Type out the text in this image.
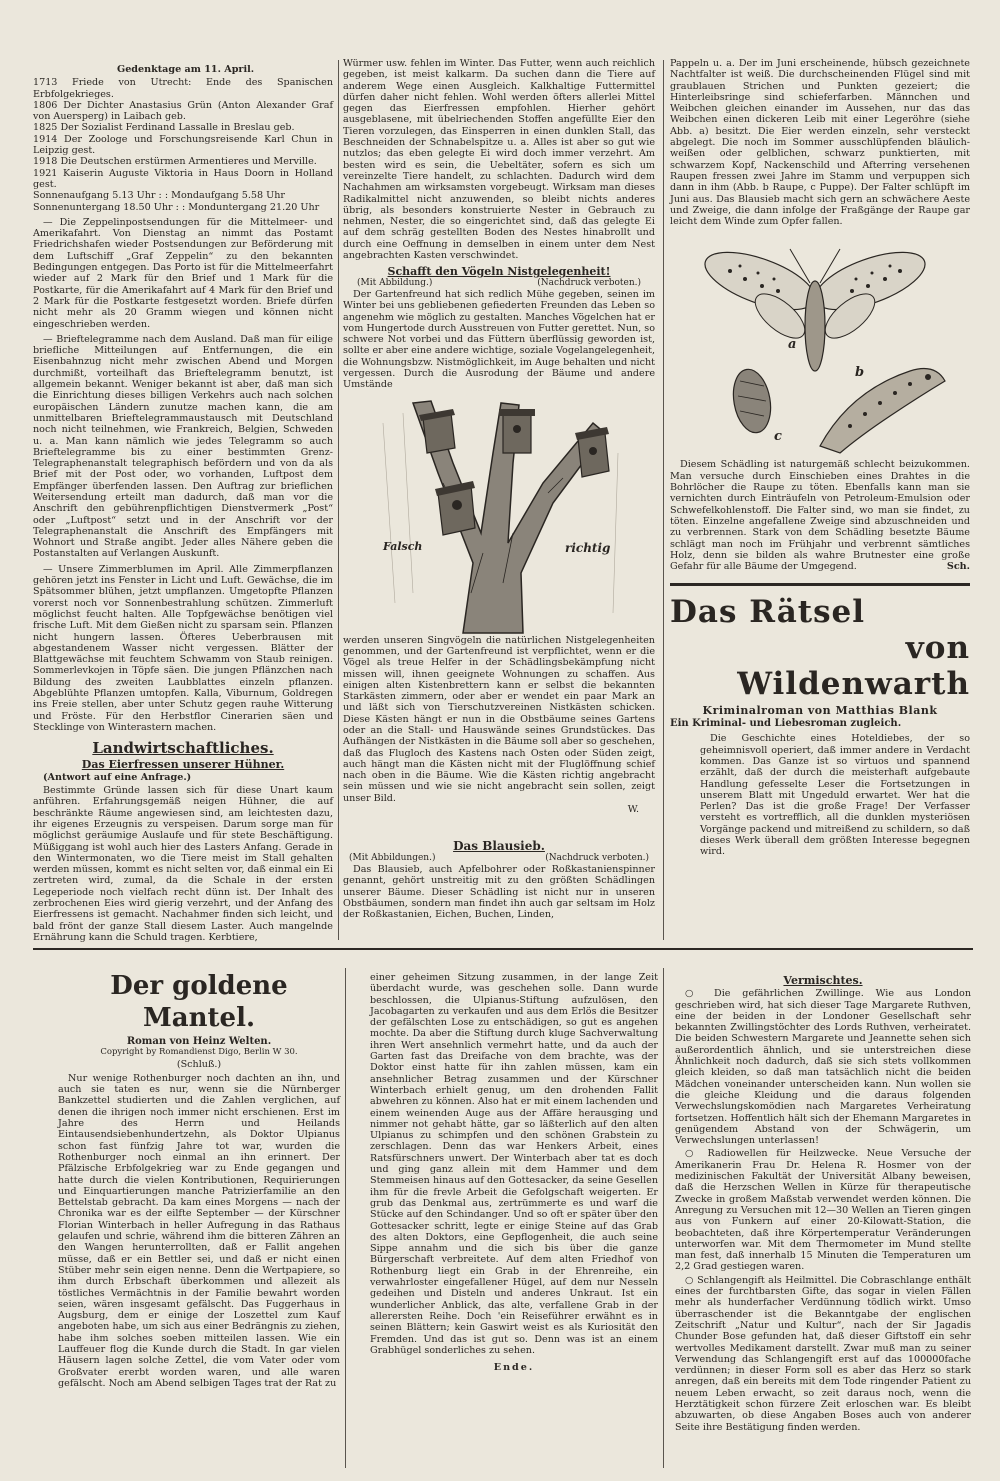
Gedenktage am 11. April.

1713 Friede von Utrecht: Ende des Spanischen Erbfolgekrieges.

1806 Der Dichter Anastasius Grün (Anton Alexander Graf von Auersperg) in Laibach geb.

1825 Der Sozialist Ferdinand Lassalle in Breslau geb.

1914 Der Zoologe und Forschungsreisende Karl Chun in Leipzig gest.

1918 Die Deutschen erstürmen Armentieres und Merville.

1921 Kaiserin Auguste Viktoria in Haus Doorn in Holland gest.

Sonnenaufgang 5.13 Uhr : : Mondaufgang 5.58 Uhr

Sonnenuntergang 18.50 Uhr : : Monduntergang 21.20 Uhr

— Die Zeppelinpostsendungen für die Mittelmeer- und Amerikafahrt. Von Dienstag an nimmt das Postamt Friedrichshafen wieder Postsendungen zur Beförderung mit dem Luftschiff „Graf Zeppelin“ zu den bekannten Bedingungen entgegen. Das Porto ist für die Mittelmeerfahrt wieder auf 2 Mark für den Brief und 1 Mark für die Postkarte, für die Amerikafahrt auf 4 Mark für den Brief und 2 Mark für die Postkarte festgesetzt worden. Briefe dürfen nicht mehr als 20 Gramm wiegen und können nicht eingeschrieben werden.

— Brieftelegramme nach dem Ausland. Daß man für eilige briefliche Mitteilungen auf Entfernungen, die ein Eisenbahnzug nicht mehr zwischen Abend und Morgen durchmißt, vorteilhaft das Brieftelegramm benutzt, ist allgemein bekannt. Weniger bekannt ist aber, daß man sich die Einrichtung dieses billigen Verkehrs auch nach solchen europäischen Ländern zunutze machen kann, die am unmittelbaren Brieftelegrammaustausch mit Deutschland noch nicht teilnehmen, wie Frankreich, Belgien, Schweden u. a. Man kann nämlich wie jedes Telegramm so auch Brieftelegramme bis zu einer bestimmten Grenz-Telegraphenanstalt telegraphisch befördern und von da als Brief mit der Post oder, wo vorhanden, Luftpost dem Empfänger überfenden lassen. Den Auftrag zur brieflichen Weitersendung erteilt man dadurch, daß man vor die Anschrift den gebührenpflichtigen Dienstvermerk „Post“ oder „Luftpost“ setzt und in der Anschrift vor der Telegraphenanstalt die Anschrift des Empfängers mit Wohnort und Straße angibt. Jeder alles Nähere geben die Postanstalten auf Verlangen Auskunft.

— Unsere Zimmerblumen im April. Alle Zimmerpflanzen gehören jetzt ins Fenster in Licht und Luft. Gewächse, die im Spätsommer blühen, jetzt umpflanzen. Umgetopfte Pflanzen vorerst noch vor Sonnenbestrahlung schützen. Zimmerluft möglichst feucht halten. Alle Topfgewächse benötigen viel frische Luft. Mit dem Gießen nicht zu sparsam sein. Pflanzen nicht hungern lassen. Öfteres Ueberbrausen mit abgestandenem Wasser nicht vergessen. Blätter der Blattgewächse mit feuchtem Schwamm von Staub reinigen. Sommerlevkojen in Töpfe säen. Die jungen Pflänzchen nach Bildung des zweiten Laubblattes einzeln pflanzen. Abgeblühte Pflanzen umtopfen. Kalla, Viburnum, Goldregen ins Freie stellen, aber unter Schutz gegen rauhe Witterung und Fröste. Für den Herbstflor Cinerarien säen und Stecklinge von Winterastern machen.

Landwirtschaftliches.
Das Eierfressen unserer Hühner.
(Antwort auf eine Anfrage.)

Bestimmte Gründe lassen sich für diese Unart kaum anführen. Erfahrungsgemäß neigen Hühner, die auf beschränkte Räume angewiesen sind, am leichtesten dazu, ihr eigenes Erzeugnis zu verspeisen. Darum sorge man für möglichst geräumige Auslaufe und für stete Beschäftigung. Müßiggang ist wohl auch hier des Lasters Anfang. Gerade in den Wintermonaten, wo die Tiere meist im Stall gehalten werden müssen, kommt es nicht selten vor, daß einmal ein Ei zertreten wird, zumal, da die Schale in der ersten Legeperiode noch vielfach recht dünn ist. Der Inhalt des zerbrochenen Eies wird gierig verzehrt, und der Anfang des Eierfressens ist gemacht. Nachahmer finden sich leicht, und bald frönt der ganze Stall diesem Laster. Auch mangelnde Ernährung kann die Schuld tragen. Kerbtiere,

Würmer usw. fehlen im Winter. Das Futter, wenn auch reichlich gegeben, ist meist kalkarm. Da suchen dann die Tiere auf anderem Wege einen Ausgleich. Kalkhaltige Futtermittel dürfen daher nicht fehlen. Wohl werden öfters allerlei Mittel gegen das Eierfressen empfohlen. Hierher gehört ausgeblasene, mit übelriechenden Stoffen angefüllte Eier den Tieren vorzulegen, das Einsperren in einen dunklen Stall, das Beschneiden der Schnabelspitze u. a. Alles ist aber so gut wie nutzlos; das eben gelegte Ei wird doch immer verzehrt. Am besten wird es sein, die Uebeltäter, sofern es sich um vereinzelte Tiere handelt, zu schlachten. Dadurch wird dem Nachahmen am wirksamsten vorgebeugt. Wirksam man dieses Radikalmittel nicht anzuwenden, so bleibt nichts anderes übrig, als besonders konstruierte Nester in Gebrauch zu nehmen, Nester, die so eingerichtet sind, daß das gelegte Ei auf dem schräg gestellten Boden des Nestes hinabrollt und durch eine Oeffnung in demselben in einem unter dem Nest angebrachten Kasten verschwindet.

Schafft den Vögeln Nistgelegenheit!
(Mit Abbildung.)	(Nachdruck verboten.)

Der Gartenfreund hat sich redlich Mühe gegeben, seinen im Winter bei uns gebliebenen gefiederten Freunden das Leben so angenehm wie möglich zu gestalten. Manches Vögelchen hat er vom Hungertode durch Ausstreuen von Futter gerettet. Nun, so schwere Not vorbei und das Füttern überflüssig geworden ist, sollte er aber eine andere wichtige, soziale Vogelangelegenheit, die Wohnungsbzw. Nistmöglichkeit, im Auge behalten und nicht vergessen. Durch die Ausrodung der Bäume und andere Umstände

Falsch	richtig

werden unseren Singvögeln die natürlichen Nistgelegenheiten genommen, und der Gartenfreund ist verpflichtet, wenn er die Vögel als treue Helfer in der Schädlingsbekämpfung nicht missen will, ihnen geeignete Wohnungen zu schaffen. Aus einigen alten Kistenbrettern kann er selbst die bekannten Starkästen zimmern, oder aber er wendet ein paar Mark an und läßt sich von Tierschutzvereinen Nistkästen schicken. Diese Kästen hängt er nun in die Obstbäume seines Gartens oder an die Stall- und Hauswände seines Grundstückes. Das Aufhängen der Nistkästen in die Bäume soll aber so geschehen, daß das Flugloch des Kastens nach Osten oder Süden zeigt, auch hängt man die Kästen nicht mit der Fluglöffnung schief nach oben in die Bäume. Wie die Kästen richtig angebracht sein müssen und wie sie nicht angebracht sein sollen, zeigt unser Bild.

W.
Das Blausieb.
(Mit Abbildungen.)	(Nachdruck verboten.)

Das Blausieb, auch Apfelbohrer oder Roßkastanienspinner genannt, gehört unstreitig mit zu den größten Schädlingen unserer Bäume. Dieser Schädling ist nicht nur in unseren Obstbäumen, sondern man findet ihn auch gar seltsam im Holz der Roßkastanien, Eichen, Buchen, Linden,

Pappeln u. a. Der im Juni erscheinende, hübsch gezeichnete Nachtfalter ist weiß. Die durchscheinenden Flügel sind mit graublauen Strichen und Punkten gezeiert; die Hinterleibsringe sind schieferfarben. Männchen und Weibchen gleichen einander im Aussehen, nur das das Weibchen einen dickeren Leib mit einer Legeröhre (siehe Abb. a) besitzt. Die Eier werden einzeln, sehr versteckt abgelegt. Die noch im Sommer ausschlüpfenden bläulich-weißen oder gelblichen, schwarz punktierten, mit schwarzem Kopf, Nackenschild und Afterring versehenen Raupen fressen zwei Jahre im Stamm und verpuppen sich dann in ihm (Abb. b Raupe, c Puppe). Der Falter schlüpft im Juni aus. Das Blausieb macht sich gern an schwächere Aeste und Zweige, die dann infolge der Fraßgänge der Raupe gar leicht dem Winde zum Opfer fallen.

a
b
c

Diesem Schädling ist naturgemäß schlecht beizukommen. Man versuche durch Einschieben eines Drahtes in die Bohrlöcher die Raupe zu töten. Ebenfalls kann man sie vernichten durch Einträufeln von Petroleum-Emulsion oder Schwefelkohlenstoff. Die Falter sind, wo man sie findet, zu töten. Einzelne angefallene Zweige sind abzuschneiden und zu verbrennen. Stark von dem Schädling besetzte Bäume schlägt man noch im Frühjahr und verbrennt sämtliches Holz, denn sie bilden als wahre Brutnester eine große Gefahr für alle Bäume der Umgegend.	Sch.
Das Rätsel
von Wildenwarth
Kriminalroman von Matthias Blank
Ein Kriminal- und Liebesroman zugleich.

Die Geschichte eines Hoteldiebes, der so geheimnisvoll operiert, daß immer andere in Verdacht kommen. Das Ganze ist so virtuos und spannend erzählt, daß der durch die meisterhaft aufgebaute Handlung gefesselte Leser die Fortsetzungen in unserem Blatt mit Ungeduld erwartet. Wer hat die Perlen? Das ist die große Frage! Der Verfasser versteht es vortrefflich, all die dunklen mysteriösen Vorgänge packend und mitreißend zu schildern, so daß dieses Werk überall dem größten Interesse begegnen wird.

Der goldene Mantel.
Roman von Heinz Welten.
Copyright by Romandienst Digo, Berlin W 30.
(Schluß.)

Nur wenige Rothenburger noch dachten an ihn, und auch sie taten es nur, wenn sie die Nürnberger Bankzettel studierten und die Zahlen verglichen, auf denen die ihrigen noch immer nicht erschienen. Erst im Jahre des Herrn und Heilands Eintausendsiebenhundertzehn, als Doktor Ulpianus schon fast fünfzig Jahre tot war, wurden die Rothenburger noch einmal an ihn erinnert. Der Pfälzische Erbfolgekrieg war zu Ende gegangen und hatte durch die vielen Kontributionen, Requirierungen und Einquartierungen manche Patrizierfamilie an den Bettelstab gebracht. Da kam eines Morgens — nach der Chronika war es der eilfte September — der Kürschner Florian Winterbach in heller Aufregung in das Rathaus gelaufen und schrie, während ihm die bitteren Zähren an den Wangen herunterrollten, daß er Fallit angehen müsse, daß er ein Bettler sei, und daß er nicht einen Stüber mehr sein eigen nenne. Denn die Wertpapiere, so ihm durch Erbschaft überkommen und allezeit als töstliches Vermächtnis in der Familie bewahrt worden seien, wären insgesamt gefälscht. Das Fuggerhaus in Augsburg, dem er einige der Loszettel zum Kauf angeboten habe, um sich aus einer Bedrängnis zu ziehen, habe ihm solches soeben mitteilen lassen. Wie ein Lauffeuer flog die Kunde durch die Stadt. In gar vielen Häusern lagen solche Zettel, die vom Vater oder vom Großvater ererbt worden waren, und alle waren gefälscht. Noch am Abend selbigen Tages trat der Rat zu

einer geheimen Sitzung zusammen, in der lange Zeit überdacht wurde, was geschehen solle. Dann wurde beschlossen, die Ulpianus-Stiftung aufzulösen, den Jacobagarten zu verkaufen und aus dem Erlös die Besitzer der gefälschten Lose zu entschädigen, so gut es angehen mochte. Da aber die Stiftung durch kluge Sachverwaltung ihren Wert ansehnlich vermehrt hatte, und da auch der Garten fast das Dreifache von dem brachte, was der Doktor einst hatte für ihn zahlen müssen, kam ein ansehnlicher Betrag zusammen und der Kürschner Winterbach erhielt genug, um den drohenden Fallit abwehren zu können. Also hat er mit einem lachenden und einem weinenden Auge aus der Affäre herausging und nimmer not gehabt hätte, gar so läßterlich auf den alten Ulpianus zu schimpfen und den schönen Grabstein zu zerschlagen. Denn das war Henkers Arbeit, eines Ratsfürschners unwert. Der Winterbach aber tat es doch und ging ganz allein mit dem Hammer und dem Stemmeisen hinaus auf den Gottesacker, da seine Gesellen ihm für die frevle Arbeit die Gefolgschaft weigerten. Er grub das Denkmal aus, zertrümmerte es und warf die Stücke auf den Schindanger. Und so oft er später über den Gottesacker schritt, legte er einige Steine auf das Grab des alten Doktors, eine Gepflogenheit, die auch seine Sippe annahm und die sich bis über die ganze Bürgerschaft verbreitete. Auf dem alten Friedhof von Rothenburg liegt ein Grab in der Ehrenreihe, ein verwahrloster eingefallener Hügel, auf dem nur Nesseln gedeihen und Disteln und anderes Unkraut. Ist ein wunderlicher Anblick, das alte, verfallene Grab in der allerersten Reihe. Doch 'ein Reiseführer erwähnt es in seinen Blättern; kein Gaswirt weist es als Kuriosität den Fremden. Und das ist gut so. Denn was ist an einem Grabhügel sonderliches zu sehen.

Ende.
Vermischtes.

○ Die gefährlichen Zwillinge. Wie aus London geschrieben wird, hat sich dieser Tage Margarete Ruthven, eine der beiden in der Londoner Gesellschaft sehr bekannten Zwillingstöchter des Lords Ruthven, verheiratet. Die beiden Schwestern Margarete und Jeannette sehen sich außerordentlich ähnlich, und sie unterstreichen diese Ähnlichkeit noch dadurch, daß sie sich stets vollkommen gleich kleiden, so daß man tatsächlich nicht die beiden Mädchen voneinander unterscheiden kann. Nun wollen sie die gleiche Kleidung und die daraus folgenden Verwechslungskomödien nach Margaretes Verheiratung fortsetzen. Hoffentlich hält sich der Ehemann Margaretes in genügendem Abstand von der Schwägerin, um Verwechslungen unterlassen!

○ Radiowellen für Heilzwecke. Neue Versuche der Amerikanerin Frau Dr. Helena R. Hosmer von der medizinischen Fakultät der Universität Albany beweisen, daß die Herzschen Wellen in Kürze für therapeutische Zwecke in großem Maßstab verwendet werden können. Die Anregung zu Versuchen mit 12—30 Wellen an Tieren gingen aus von Funkern auf einer 20-Kilowatt-Station, die beobachteten, daß ihre Körpertemperatur Veränderungen unterworfen war. Mit dem Thermometer im Mund stellte man fest, daß innerhalb 15 Minuten die Temperaturen um 2,2 Grad gestiegen waren.

○ Schlangengift als Heilmittel. Die Cobraschlange enthält eines der furchtbarsten Gifte, das sogar in vielen Fällen mehr als hunderfacher Verdünnung tödlich wirkt. Umso überraschender ist die Bekanntgabe der englischen Zeitschrift „Natur und Kultur“, nach der Sir Jagadis Chunder Bose gefunden hat, daß dieser Giftstoff ein sehr wertvolles Medikament darstellt. Zwar muß man zu seiner Verwendung das Schlangengift erst auf das 100000fache verdünnen; in dieser Form soll es aber das Herz so stark anregen, daß ein bereits mit dem Tode ringender Patient zu neuem Leben erwacht, so zeit daraus noch, wenn die Herztätigkeit schon fürzere Zeit erloschen war. Es bleibt abzuwarten, ob diese Angaben Boses auch von anderer Seite ihre Bestätigung finden werden.
